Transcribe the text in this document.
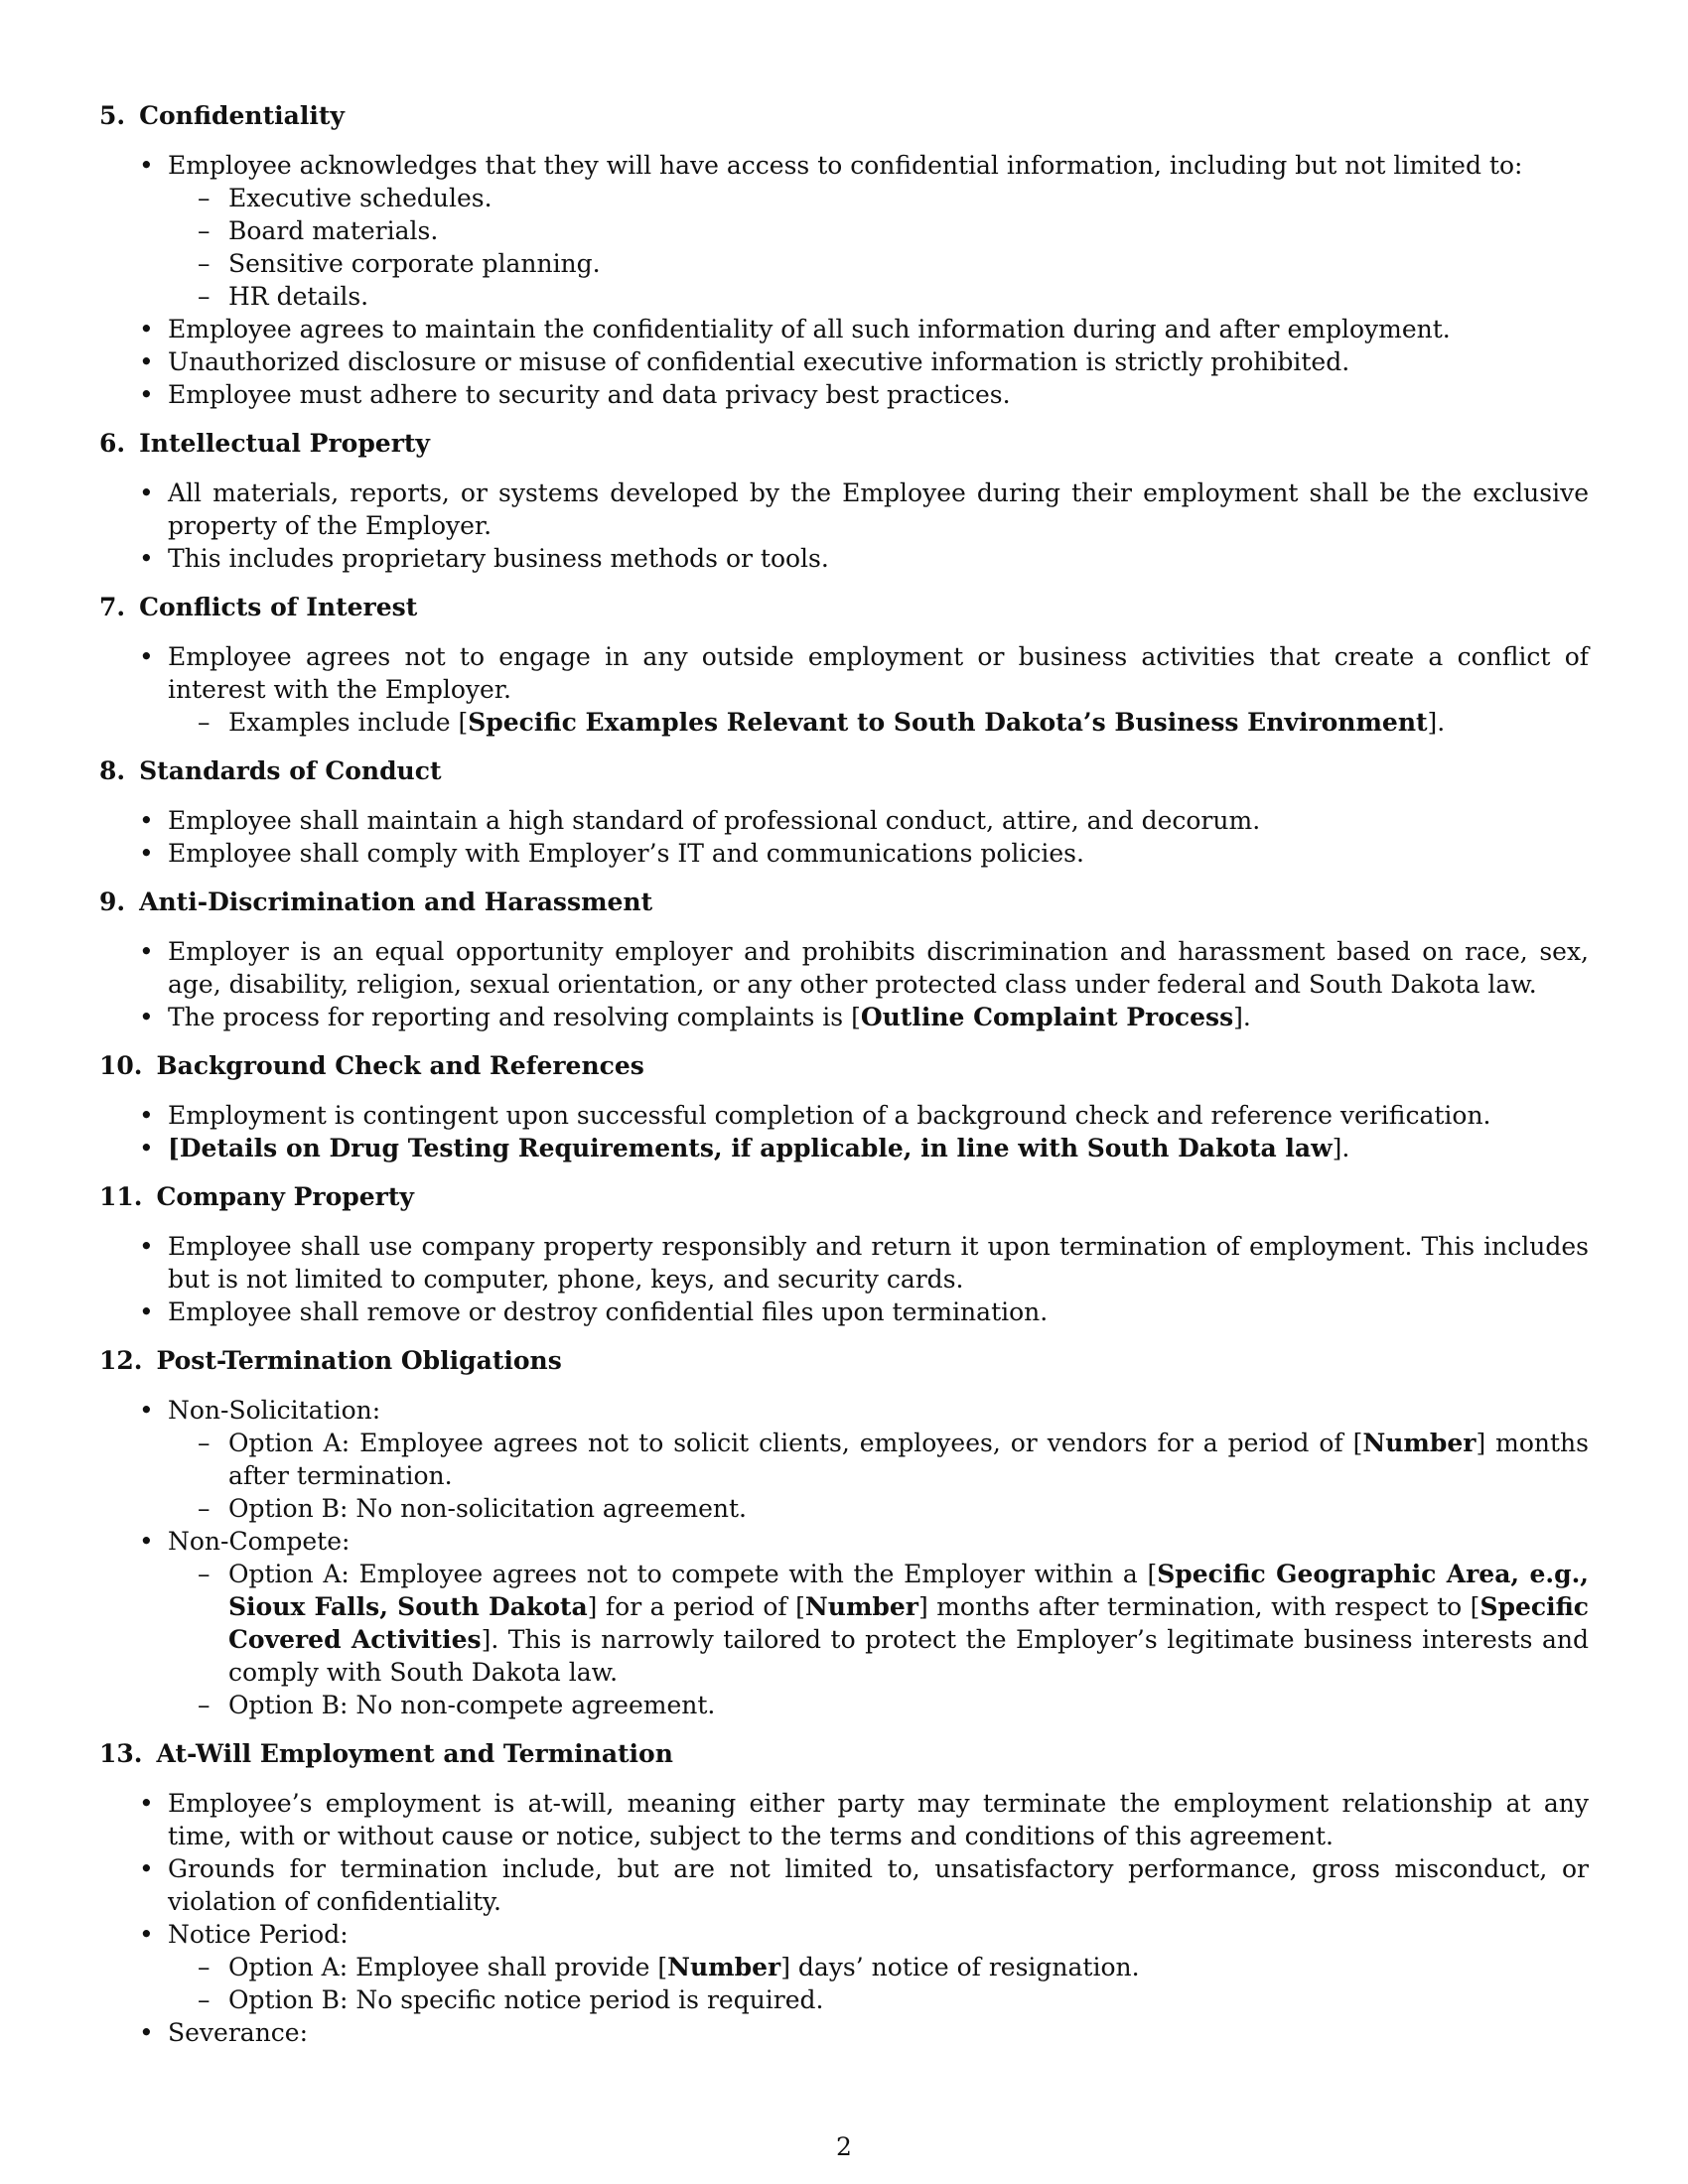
5. Confidentiality
• Employee acknowledges that they will have access to confidential information, including but not limited to:
– Executive schedules.
– Board materials.
– Sensitive corporate planning.
– HR details.
• Employee agrees to maintain the confidentiality of all such information during and after employment.
• Unauthorized disclosure or misuse of confidential executive information is strictly prohibited.
• Employee must adhere to security and data privacy best practices.
6. Intellectual Property
• All materials, reports, or systems developed by the Employee during their employment shall be the exclusive property of the Employer.
• This includes proprietary business methods or tools.
7. Conflicts of Interest
• Employee agrees not to engage in any outside employment or business activities that create a conflict of interest with the Employer.
– Examples include [Specific Examples Relevant to South Dakota’s Business Environment].
8. Standards of Conduct
• Employee shall maintain a high standard of professional conduct, attire, and decorum.
• Employee shall comply with Employer’s IT and communications policies.
9. Anti-Discrimination and Harassment
• Employer is an equal opportunity employer and prohibits discrimination and harassment based on race, sex, age, disability, religion, sexual orientation, or any other protected class under federal and South Dakota law.
• The process for reporting and resolving complaints is [Outline Complaint Process].
10. Background Check and References
• Employment is contingent upon successful completion of a background check and reference verification.
• [Details on Drug Testing Requirements, if applicable, in line with South Dakota law].
11. Company Property
• Employee shall use company property responsibly and return it upon termination of employment. This includes but is not limited to computer, phone, keys, and security cards.
• Employee shall remove or destroy confidential files upon termination.
12. Post-Termination Obligations
• Non-Solicitation:
– Option A: Employee agrees not to solicit clients, employees, or vendors for a period of [Number] months after termination.
– Option B: No non-solicitation agreement.
• Non-Compete:
– Option A: Employee agrees not to compete with the Employer within a [Specific Geographic Area, e.g., Sioux Falls, South Dakota] for a period of [Number] months after termination, with respect to [Specific Covered Activities]. This is narrowly tailored to protect the Employer’s legitimate business interests and comply with South Dakota law.
– Option B: No non-compete agreement.
13. At-Will Employment and Termination
• Employee’s employment is at-will, meaning either party may terminate the employment relationship at any time, with or without cause or notice, subject to the terms and conditions of this agreement.
• Grounds for termination include, but are not limited to, unsatisfactory performance, gross misconduct, or violation of confidentiality.
• Notice Period:
– Option A: Employee shall provide [Number] days’ notice of resignation.
– Option B: No specific notice period is required.
• Severance:
2
